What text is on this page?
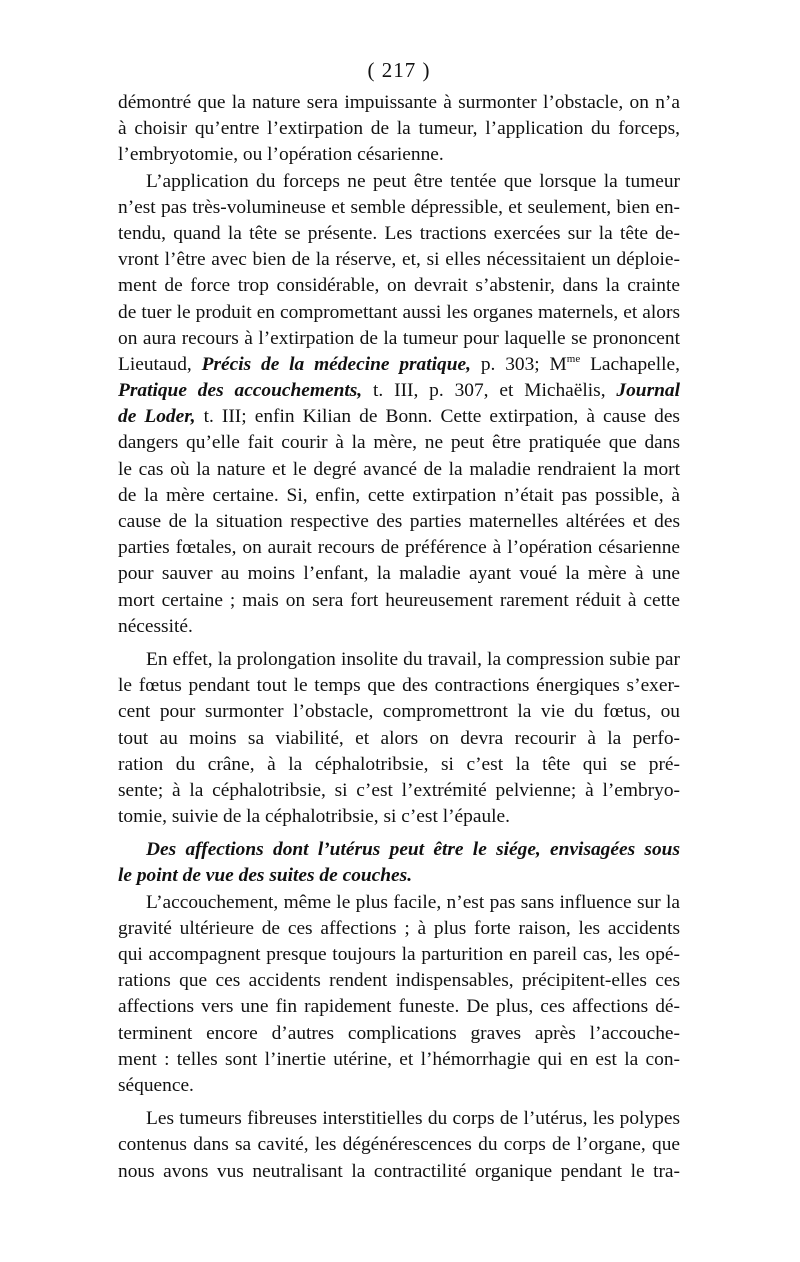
( 217 )
démontré que la nature sera impuissante à surmonter l’obstacle, on n’a
à choisir qu’entre l’extirpation de la tumeur, l’application du forceps,
l’embryotomie, ou l’opération césarienne.
L’application du forceps ne peut être tentée que lorsque la tumeur
n’est pas très-volumineuse et semble dépressible, et seulement, bien en-
tendu, quand la tête se présente. Les tractions exercées sur la tête de-
vront l’être avec bien de la réserve, et, si elles nécessitaient un déploie-
ment de force trop considérable, on devrait s’abstenir, dans la crainte
de tuer le produit en compromettant aussi les organes maternels, et alors
on aura recours à l’extirpation de la tumeur pour laquelle se prononcent
Lieutaud, Précis de la médecine pratique, p. 303; $M^{me}$ Lachapelle,
Pratique des accouchements, t. III, p. 307, et Michaëlis, Journal
de Loder, t. III; enfin Kilian de Bonn. Cette extirpation, à cause des
dangers qu’elle fait courir à la mère, ne peut être pratiquée que dans
le cas où la nature et le degré avancé de la maladie rendraient la mort
de la mère certaine. Si, enfin, cette extirpation n’était pas possible, à
cause de la situation respective des parties maternelles altérées et des
parties fœtales, on aurait recours de préférence à l’opération césarienne
pour sauver au moins l’enfant, la maladie ayant voué la mère à une
mort certaine ; mais on sera fort heureusement rarement réduit à cette
nécessité.
En effet, la prolongation insolite du travail, la compression subie par
le fœtus pendant tout le temps que des contractions énergiques s’exer-
cent pour surmonter l’obstacle, compromettront la vie du fœtus, ou
tout au moins sa viabilité, et alors on devra recourir à la perfo-
ration du crâne, à la céphalotribsie, si c’est la tête qui se pré-
sente; à la céphalotribsie, si c’est l’extrémité pelvienne; à l’embryo-
tomie, suivie de la céphalotribsie, si c’est l’épaule.
Des affections dont l’utérus peut être le siége, envisagées sous
le point de vue des suites de couches.
L’accouchement, même le plus facile, n’est pas sans influence sur la
gravité ultérieure de ces affections ; à plus forte raison, les accidents
qui accompagnent presque toujours la parturition en pareil cas, les opé-
rations que ces accidents rendent indispensables, précipitent-elles ces
affections vers une fin rapidement funeste. De plus, ces affections dé-
terminent encore d’autres complications graves après l’accouche-
ment : telles sont l’inertie utérine, et l’hémorrhagie qui en est la con-
séquence.
Les tumeurs fibreuses interstitielles du corps de l’utérus, les polypes
contenus dans sa cavité, les dégénérescences du corps de l’organe, que
nous avons vus neutralisant la contractilité organique pendant le tra-
